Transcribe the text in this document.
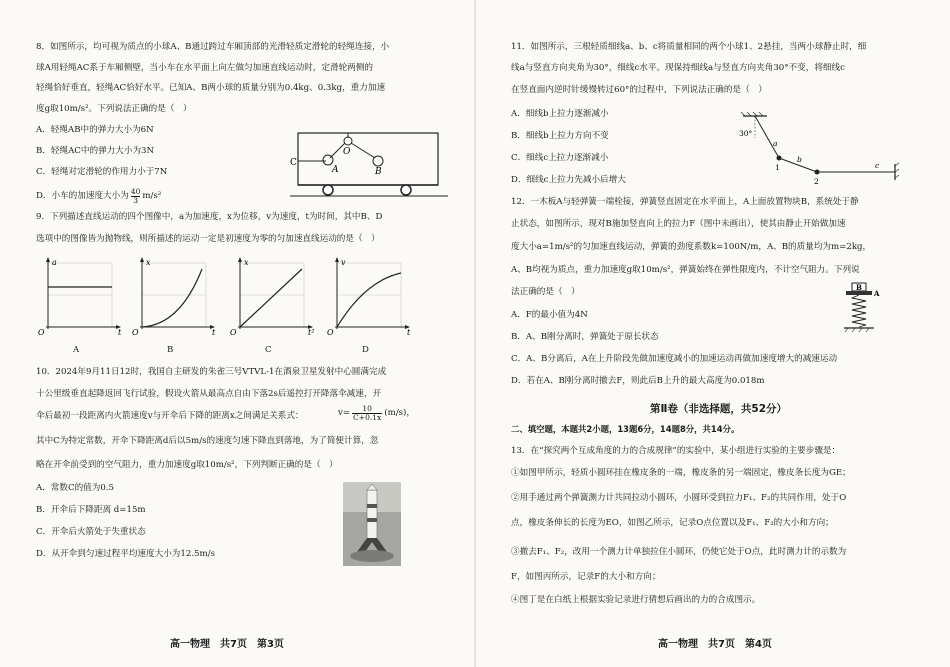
8．如图所示，均可视为质点的小球A、B通过跨过车厢顶部的光滑轻质定滑轮的轻绳连接，小
球A用轻绳AC系于车厢侧壁，当小车在水平面上向左做匀加速直线运动时，定滑轮两侧的
轻绳恰好垂直，轻绳AC恰好水平。已知A、B两小球的质量分别为0.4kg、0.3kg，重力加速
度g取10m/s²。下列说法正确的是（　）
A．轻绳AB中的弹力大小为6N
B．轻绳AC中的弹力大小为3N
C．轻绳对定滑轮的作用力小于7N
D．小车的加速度大小为 $\frac{40}{3} m/s^2$
C
O
A	B
9．下列描述直线运动的四个图像中，a为加速度，x为位移，v为速度，t为时间，其中B、D
选项中的图像皆为抛物线，则所描述的运动一定是初速度为零的匀加速直线运动的是（　）
a
t
O
A
x
t
O
B
x
t²
O
C
v
t
O
D
10．2024年9月11日12时，我国自主研发的朱雀三号VTVL-1在酒泉卫星发射中心圆满完成
十公里级垂直起降返回飞行试验，假设火箭从最高点自由下落2s后遥控打开降落伞减速，开
伞后最初一段距离内火箭速度v与开伞后下降的距离x之间满足关系式：	$v= \frac{10}{C+0.1x} (m/s)$，
其中C为特定常数，开伞下降距离d后以5m/s的速度匀速下降直到落地，为了简便计算，忽
略在开伞前受到的空气阻力，重力加速度g取10m/s²，下列判断正确的是（　）
A．常数C的值为0.5
B．开伞后下降距离 d=15m
C．开伞后火箭处于失重状态
D．从开伞到匀速过程平均速度大小为12.5m/s
高一物理　共7页　第3页
11．如图所示，三根轻质细线a、b、c将质量相同的两个小球1、2悬挂，当两小球静止时，细
线a与竖直方向夹角为30°，细线c水平。现保持细线a与竖直方向夹角30°不变，将细线c
在竖直面内逆时针缓慢转过60°的过程中，下列说法正确的是（　）
A．细线b上拉力逐渐减小
B．细线b上拉力方向不变
C．细线c上拉力逐渐减小
D．细线c上拉力先减小后增大
30°
a
b
c
1
2
12．一木板A与轻弹簧一端栓接，弹簧竖直固定在水平面上，A上面放置物块B，系统处于静
止状态，如图所示，现对B施加竖直向上的拉力F（图中未画出），使其由静止开始做加速
度大小a=1m/s²的匀加速直线运动，弹簧的劲度系数k=100N/m，A、B的质量均为m=2kg，
A、B均视为质点，重力加速度g取10m/s²，弹簧始终在弹性限度内，不计空气阻力。下列说
法正确的是（　）
A．F的最小值为4N
B．A、B刚分离时，弹簧处于原长状态
C．A、B分离后，A在上升阶段先做加速度减小的加速运动再做加速度增大的减速运动
D．若在A、B刚分离时撤去F，则此后B上升的最大高度为0.018m
B
A
第Ⅱ卷（非选择题，共52分）
二、填空题，本题共2小题，13题6分，14题8分，共14分。
13．在“探究两个互成角度的力的合成规律”的实验中，某小组进行实验的主要步骤是：
①如图甲所示，轻质小圆环挂在橡皮条的一端，橡皮条的另一端固定，橡皮条长度为GE；
②用手通过两个弹簧测力计共同拉动小圆环，小圆环受到拉力F₁、F₂的共同作用，处于O
点，橡皮条伸长的长度为EO，如图乙所示，记录O点位置以及F₁、F₂的大小和方向；
③撤去F₁、F₂，改用一个测力计单独拉住小圆环，仍使它处于O点，此时测力计的示数为
F，如图丙所示，记录F的大小和方向；
④图丁是在白纸上根据实验记录进行猜想后画出的力的合成图示。
高一物理　共7页　第4页
